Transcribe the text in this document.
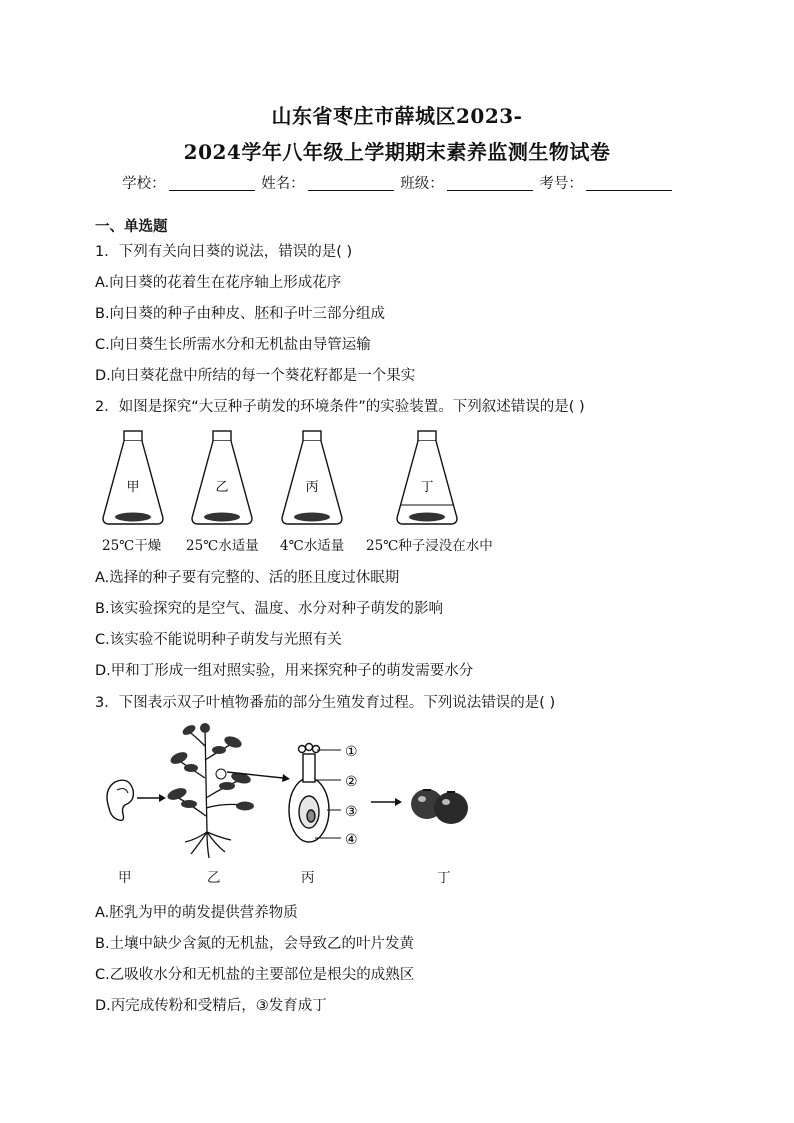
山东省枣庄市薛城区2023-
2024学年八年级上学期期末素养监测生物试卷
学校：	姓名：	班级：	考号：
一、单选题
1．下列有关向日葵的说法，错误的是( )
A.向日葵的花着生在花序轴上形成花序
B.向日葵的种子由种皮、胚和子叶三部分组成
C.向日葵生长所需水分和无机盐由导管运输
D.向日葵花盘中所结的每一个葵花籽都是一个果实
2．如图是探究“大豆种子萌发的环境条件”的实验装置。下列叙述错误的是( )
甲	乙	丙	丁
25℃干燥 25℃水适量 4℃水适量 25℃种子浸没在水中
A.选择的种子要有完整的、活的胚且度过休眠期
B.该实验探究的是空气、温度、水分对种子萌发的影响
C.该实验不能说明种子萌发与光照有关
D.甲和丁形成一组对照实验，用来探究种子的萌发需要水分
3．下图表示双子叶植物番茄的部分生殖发育过程。下列说法错误的是( )
①
②
③
④
甲	乙	丙	丁
A.胚乳为甲的萌发提供营养物质
B.土壤中缺少含氮的无机盐，会导致乙的叶片发黄
C.乙吸收水分和无机盐的主要部位是根尖的成熟区
D.丙完成传粉和受精后，③发育成丁
